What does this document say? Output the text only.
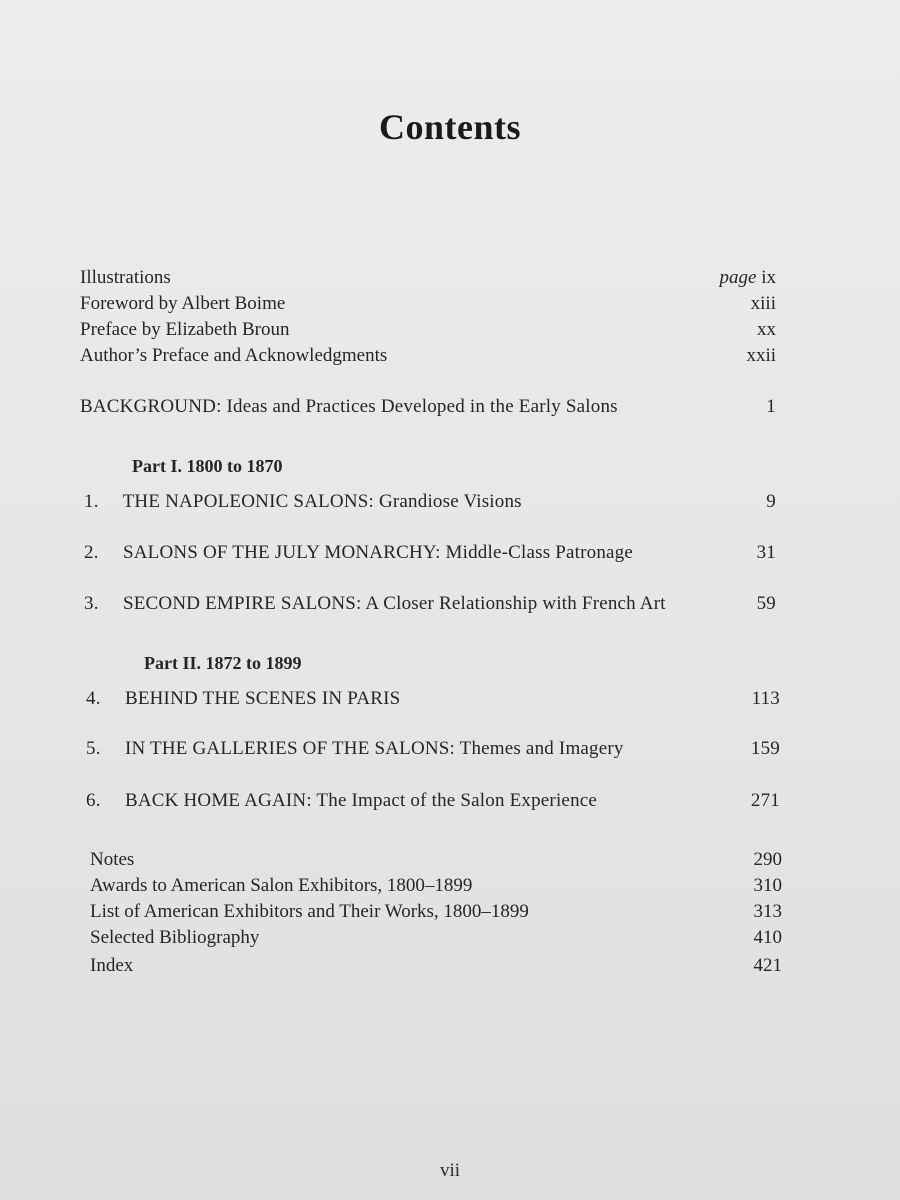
Contents
Illustrations	page ix
Foreword by Albert Boime	xiii
Preface by Elizabeth Broun	xx
Author’s Preface and Acknowledgments	xxii
BACKGROUND: Ideas and Practices Developed in the Early Salons	1
Part I. 1800 to 1870
1. THE NAPOLEONIC SALONS: Grandiose Visions	9
2. SALONS OF THE JULY MONARCHY: Middle-Class Patronage	31
3. SECOND EMPIRE SALONS: A Closer Relationship with French Art	59
Part II. 1872 to 1899
4. BEHIND THE SCENES IN PARIS	113
5. IN THE GALLERIES OF THE SALONS: Themes and Imagery	159
6. BACK HOME AGAIN: The Impact of the Salon Experience	271
Notes	290
Awards to American Salon Exhibitors, 1800–1899	310
List of American Exhibitors and Their Works, 1800–1899	313
Selected Bibliography	410
Index	421
vii
